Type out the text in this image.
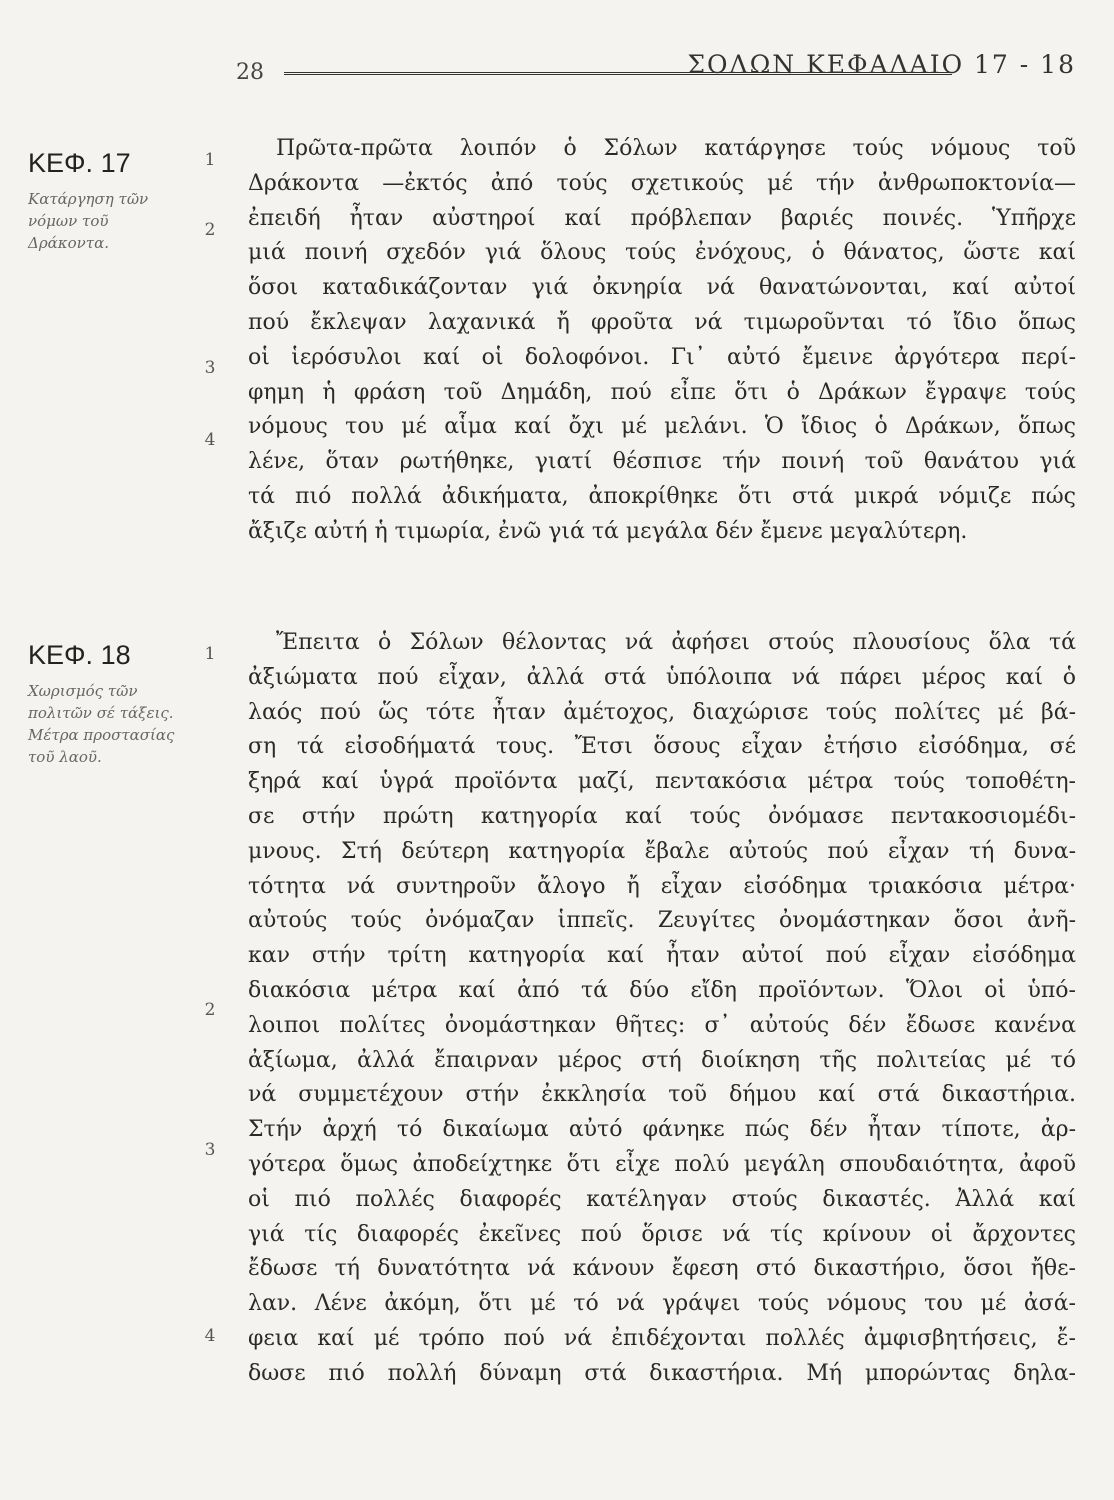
28	ΣΟΛΩΝ ΚΕΦΑΛΑΙΟ 17 - 18
ΚΕΦ. 17
Κατάργηση τῶν νόμων τοῦ Δράκοντα.
1
2
3
4
Πρῶτα-πρῶτα λοιπόν ὁ Σόλων κατάργησε τούς νόμους τοῦ
Δράκοντα —ἐκτός ἀπό τούς σχετικούς μέ τήν ἀνθρωποκτονία—
ἐπειδή ἦταν αὐστηροί καί πρόβλεπαν βαριές ποινές. Ὑπῆρχε
μιά ποινή σχεδόν γιά ὅλους τούς ἐνόχους, ὁ θάνατος, ὥστε καί
ὅσοι καταδικάζονταν γιά ὀκνηρία νά θανατώνονται, καί αὐτοί
πού ἔκλεψαν λαχανικά ἤ φροῦτα νά τιμωροῦνται τό ἴδιο ὅπως
οἱ ἱερόσυλοι καί οἱ δολοφόνοι. Γι᾽ αὐτό ἔμεινε ἀργότερα περί-
φημη ἡ φράση τοῦ Δημάδη, πού εἶπε ὅτι ὁ Δράκων ἔγραψε τούς
νόμους του μέ αἷμα καί ὄχι μέ μελάνι. Ὁ ἴδιος ὁ Δράκων, ὅπως
λένε, ὅταν ρωτήθηκε, γιατί θέσπισε τήν ποινή τοῦ θανάτου γιά
τά πιό πολλά ἀδικήματα, ἀποκρίθηκε ὅτι στά μικρά νόμιζε πώς
ἄξιζε αὐτή ἡ τιμωρία, ἐνῶ γιά τά μεγάλα δέν ἔμενε μεγαλύτερη.
ΚΕΦ. 18
Χωρισμός τῶν πολιτῶν σέ τάξεις. Μέτρα προστασίας τοῦ λαοῦ.
1
2
3
4
Ἔπειτα ὁ Σόλων θέλοντας νά ἀφήσει στούς πλουσίους ὅλα τά
ἀξιώματα πού εἶχαν, ἀλλά στά ὑπόλοιπα νά πάρει μέρος καί ὁ
λαός πού ὥς τότε ἦταν ἀμέτοχος, διαχώρισε τούς πολίτες μέ βά-
ση τά εἰσοδήματά τους. Ἔτσι ὅσους εἶχαν ἐτήσιο εἰσόδημα, σέ
ξηρά καί ὑγρά προϊόντα μαζί, πεντακόσια μέτρα τούς τοποθέτη-
σε στήν πρώτη κατηγορία καί τούς ὀνόμασε πεντακοσιομέδι-
μνους. Στή δεύτερη κατηγορία ἔβαλε αὐτούς πού εἶχαν τή δυνα-
τότητα νά συντηροῦν ἄλογο ἤ εἶχαν εἰσόδημα τριακόσια μέτρα·
αὐτούς τούς ὀνόμαζαν ἱππεῖς. Ζευγίτες ὀνομάστηκαν ὅσοι ἀνῆ-
καν στήν τρίτη κατηγορία καί ἦταν αὐτοί πού εἶχαν εἰσόδημα
διακόσια μέτρα καί ἀπό τά δύο εἴδη προϊόντων. Ὅλοι οἱ ὑπό-
λοιποι πολίτες ὀνομάστηκαν θῆτες: σ᾽ αὐτούς δέν ἔδωσε κανένα
ἀξίωμα, ἀλλά ἔπαιρναν μέρος στή διοίκηση τῆς πολιτείας μέ τό
νά συμμετέχουν στήν ἐκκλησία τοῦ δήμου καί στά δικαστήρια.
Στήν ἀρχή τό δικαίωμα αὐτό φάνηκε πώς δέν ἦταν τίποτε, ἀρ-
γότερα ὅμως ἀποδείχτηκε ὅτι εἶχε πολύ μεγάλη σπουδαιότητα, ἀφοῦ
οἱ πιό πολλές διαφορές κατέληγαν στούς δικαστές. Ἀλλά καί
γιά τίς διαφορές ἐκεῖνες πού ὅρισε νά τίς κρίνουν οἱ ἄρχοντες
ἔδωσε τή δυνατότητα νά κάνουν ἔφεση στό δικαστήριο, ὅσοι ἤθε-
λαν. Λένε ἀκόμη, ὅτι μέ τό νά γράψει τούς νόμους του μέ ἀσά-
φεια καί μέ τρόπο πού νά ἐπιδέχονται πολλές ἀμφισβητήσεις, ἔ-
δωσε πιό πολλή δύναμη στά δικαστήρια. Μή μπορώντας δηλα-
